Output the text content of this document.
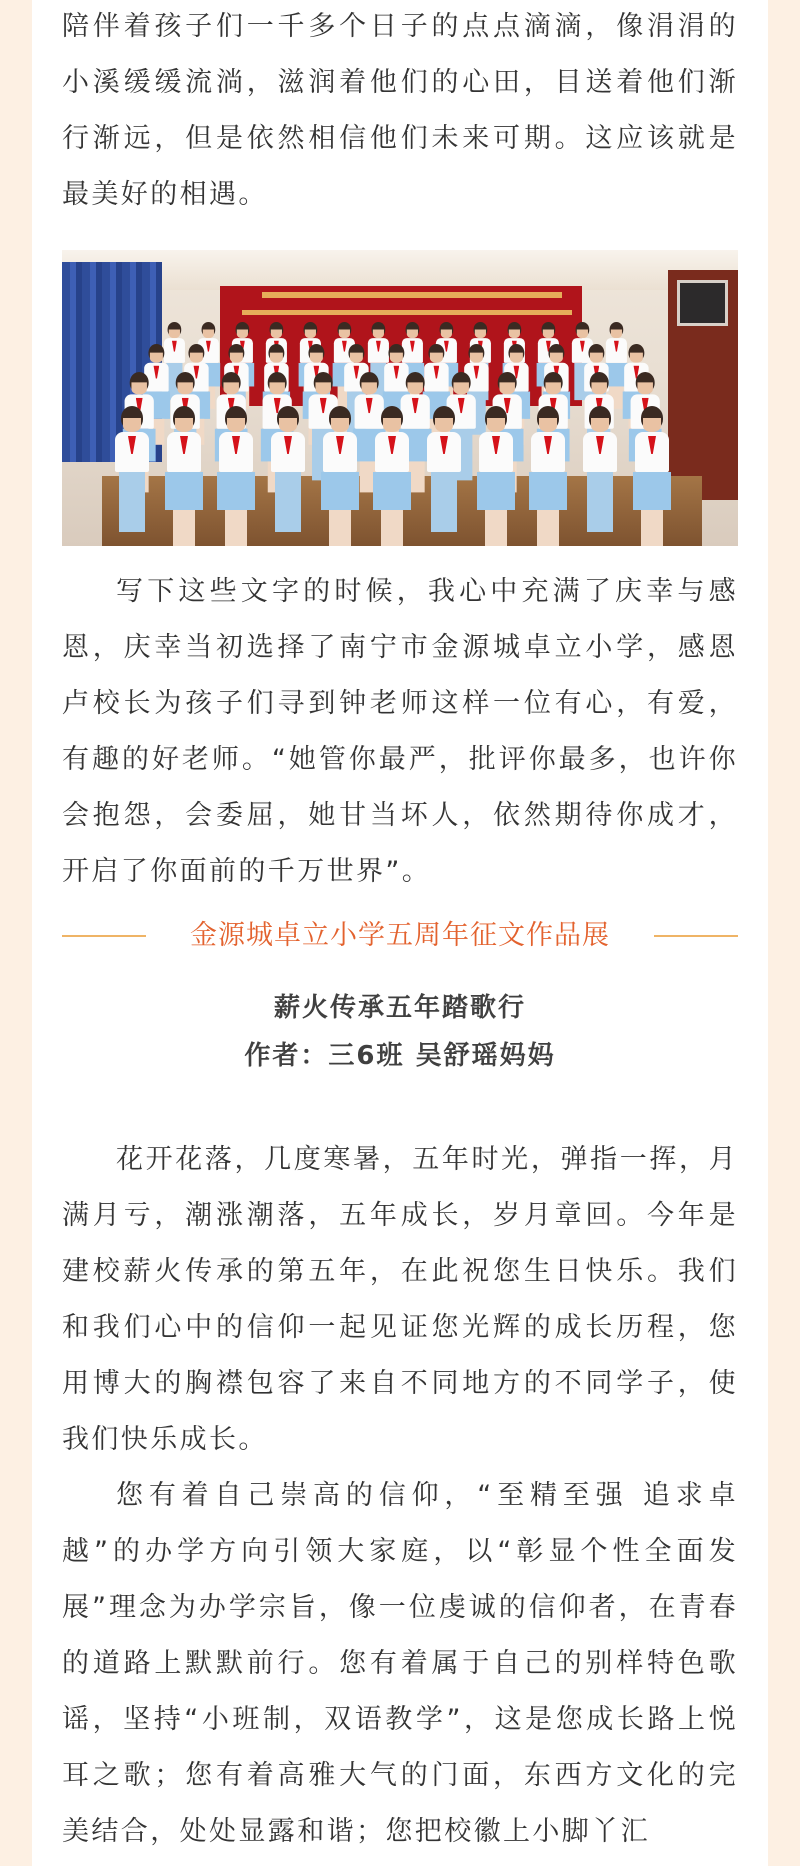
陪伴着孩子们一千多个日子的点点滴滴，像涓涓的小溪缓缓流淌，滋润着他们的心田，目送着他们渐行渐远，但是依然相信他们未来可期。这应该就是最美好的相遇。

写下这些文字的时候，我心中充满了庆幸与感恩，庆幸当初选择了南宁市金源城卓立小学，感恩卢校长为孩子们寻到钟老师这样一位有心，有爱，有趣的好老师。“她管你最严，批评你最多，也许你会抱怨，会委屈，她甘当坏人，依然期待你成才，开启了你面前的千万世界”。

金源城卓立小学五周年征文作品展
薪火传承五年踏歌行
作者：三6班 吴舒瑶妈妈

花开花落，几度寒暑，五年时光，弹指一挥，月满月亏，潮涨潮落，五年成长，岁月章回。今年是建校薪火传承的第五年，在此祝您生日快乐。我们和我们心中的信仰一起见证您光辉的成长历程，您用博大的胸襟包容了来自不同地方的不同学子，使我们快乐成长。

您有着自己崇高的信仰，“至精至强 追求卓越”的办学方向引领大家庭，以“彰显个性全面发展”理念为办学宗旨，像一位虔诚的信仰者，在青春的道路上默默前行。您有着属于自己的别样特色歌谣，坚持“小班制，双语教学”，这是您成长路上悦耳之歌；您有着高雅大气的门面，东西方文化的完美结合，处处显露和谐；您把校徽上小脚丫汇
